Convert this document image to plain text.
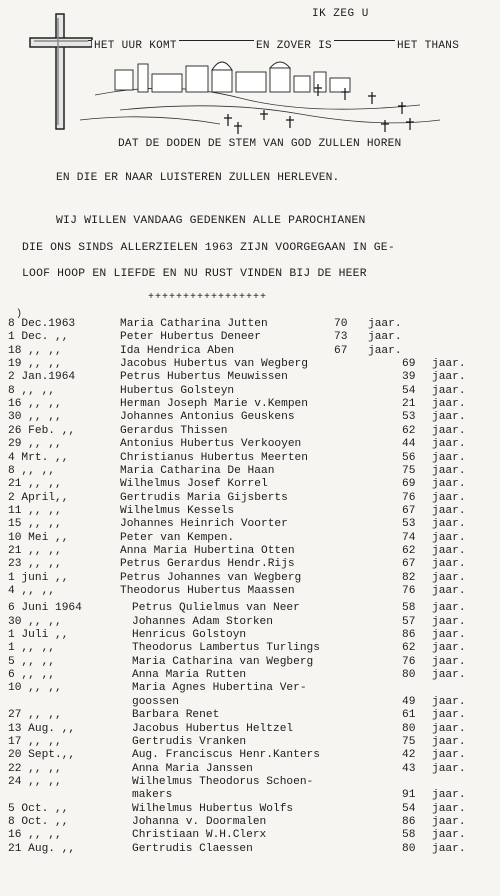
IK ZEG U
HET UUR KOMT	EN ZOVER IS	HET THANS
DAT DE DODEN DE STEM VAN GOD ZULLEN HOREN
EN DIE ER NAAR LUISTEREN ZULLEN HERLEVEN.
WIJ WILLEN VANDAAG GEDENKEN ALLE PAROCHIANEN
DIE ONS SINDS ALLERZIELEN 1963 ZIJN VOORGEGAAN IN GE-
LOOF HOOP EN LIEFDE EN NU RUST VINDEN BIJ DE HEER
+++++++++++++++++
)
8 Dec.1963	Maria Catharina Jutten	70 jaar.
1 Dec. ,,	Peter Hubertus Deneer	73 jaar.
18 ,, ,,	Ida Hendrica Aben	67 jaar.
19 ,, ,,	Jacobus Hubertus van Wegberg	69 jaar.
2 Jan.1964	Petrus Hubertus Meuwissen	39 jaar.
8 ,, ,,	Hubertus Golsteyn	54 jaar.
16 ,, ,,	Herman Joseph Marie v.Kempen	21 jaar.
30 ,, ,,	Johannes Antonius Geuskens	53 jaar.
26 Feb. ,,	Gerardus Thissen	62 jaar.
29 ,, ,,	Antonius Hubertus Verkooyen	44 jaar.
4 Mrt. ,,	Christianus Hubertus Meerten	56 jaar.
8 ,, ,,	Maria Catharina De Haan	75 jaar.
21 ,, ,,	Wilhelmus Josef Korrel	69 jaar.
2 April,,	Gertrudis Maria Gijsberts	76 jaar.
11 ,, ,,	Wilhelmus Kessels	67 jaar.
15 ,, ,,	Johannes Heinrich Voorter	53 jaar.
10 Mei ,,	Peter van Kempen.	74 jaar.
21 ,, ,,	Anna Maria Hubertina Otten	62 jaar.
23 ,, ,,	Petrus Gerardus Hendr.Rijs	67 jaar.
1 juni ,,	Petrus Johannes van Wegberg	82 jaar.
4 ,, ,,	Theodorus Hubertus Maassen	76 jaar.
6 Juni 1964	Petrus Qulielmus van Neer	58 jaar.
30 ,, ,,	Johannes Adam Storken	57 jaar.
1 Juli ,,	Henricus Golstoyn	86 jaar.
1 ,, ,,	Theodorus Lambertus Turlings	62 jaar.
5 ,, ,,	Maria Catharina van Wegberg	76 jaar.
6 ,, ,,	Anna Maria Rutten	80 jaar.
10 ,, ,,	Maria Agnes Hubertina Ver-
goossen	49 jaar.
27 ,, ,,	Barbara Renet	61 jaar.
13 Aug. ,,	Jacobus Hubertus Heltzel	80 jaar.
17 ,, ,,	Gertrudis Vranken	75 jaar.
20 Sept.,,	Aug. Franciscus Henr.Kanters	42 jaar.
22 ,, ,,	Anna Maria Janssen	43 jaar.
24 ,, ,,	Wilhelmus Theodorus Schoen-
makers	91 jaar.
5 Oct. ,,	Wilhelmus Hubertus Wolfs	54 jaar.
8 Oct. ,,	Johanna v. Doormalen	86 jaar.
16 ,, ,,	Christiaan W.H.Clerx	58 jaar.
21 Aug. ,,	Gertrudis Claessen	80 jaar.
